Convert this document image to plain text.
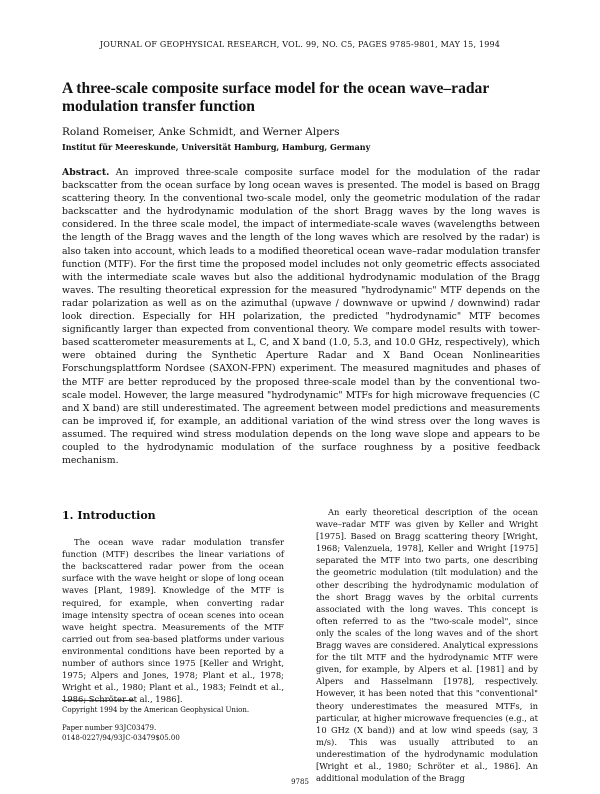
JOURNAL OF GEOPHYSICAL RESEARCH, VOL. 99, NO. C5, PAGES 9785-9801, MAY 15, 1994
A three-scale composite surface model for the ocean wave–radar modulation transfer function
Roland Romeiser, Anke Schmidt, and Werner Alpers
Institut für Meereskunde, Universität Hamburg, Hamburg, Germany

Abstract. An improved three-scale composite surface model for the modulation of the radar backscatter from the ocean surface by long ocean waves is presented. The model is based on Bragg scattering theory. In the conventional two-scale model, only the geometric modulation of the radar backscatter and the hydrodynamic modulation of the short Bragg waves by the long waves is considered. In the three scale model, the impact of intermediate-scale waves (wavelengths between the length of the Bragg waves and the length of the long waves which are resolved by the radar) is also taken into account, which leads to a modified theoretical ocean wave–radar modulation transfer function (MTF). For the first time the proposed model includes not only geometric effects associated with the intermediate scale waves but also the additional hydrodynamic modulation of the Bragg waves. The resulting theoretical expression for the measured "hydrodynamic" MTF depends on the radar polarization as well as on the azimuthal (upwave / downwave or upwind / downwind) radar look direction. Especially for HH polarization, the predicted "hydrodynamic" MTF becomes significantly larger than expected from conventional theory. We compare model results with tower-based scatterometer measurements at L, C, and X band (1.0, 5.3, and 10.0 GHz, respectively), which were obtained during the Synthetic Aperture Radar and X Band Ocean Nonlinearities Forschungsplattform Nordsee (SAXON-FPN) experiment. The measured magnitudes and phases of the MTF are better reproduced by the proposed three-scale model than by the conventional two-scale model. However, the large measured "hydrodynamic" MTFs for high microwave frequencies (C and X band) are still underestimated. The agreement between model predictions and measurements can be improved if, for example, an additional variation of the wind stress over the long waves is assumed. The required wind stress modulation depends on the long wave slope and appears to be coupled to the hydrodynamic modulation of the surface roughness by a positive feedback mechanism.

1. Introduction

The ocean wave radar modulation transfer function (MTF) describes the linear variations of the backscattered radar power from the ocean surface with the wave height or slope of long ocean waves [Plant, 1989]. Knowledge of the MTF is required, for example, when converting radar image intensity spectra of ocean scenes into ocean wave height spectra. Measurements of the MTF carried out from sea-based platforms under various environmental conditions have been reported by a number of authors since 1975 [Keller and Wright, 1975; Alpers and Jones, 1978; Plant et al., 1978; Wright et al., 1980; Plant et al., 1983; Feindt et al., 1986; Schröter et al., 1986].

An early theoretical description of the ocean wave–radar MTF was given by Keller and Wright [1975]. Based on Bragg scattering theory [Wright, 1968; Valenzuela, 1978], Keller and Wright [1975] separated the MTF into two parts, one describing the geometric modulation (tilt modulation) and the other describing the hydrodynamic modulation of the short Bragg waves by the orbital currents associated with the long waves. This concept is often referred to as the "two-scale model", since only the scales of the long waves and of the short Bragg waves are considered. Analytical expressions for the tilt MTF and the hydrodynamic MTF were given, for example, by Alpers et al. [1981] and by Alpers and Hasselmann [1978], respectively. However, it has been noted that this "conventional" theory underestimates the measured MTFs, in particular, at higher microwave frequencies (e.g., at 10 GHz (X band)) and at low wind speeds (say, 3 m/s). This was usually attributed to an underestimation of the hydrodynamic modulation [Wright et al., 1980; Schröter et al., 1986]. An additional modulation of the Bragg

Copyright 1994 by the American Geophysical Union.
Paper number 93JC03479.
0148-0227/94/93JC-03479$05.00
9785
